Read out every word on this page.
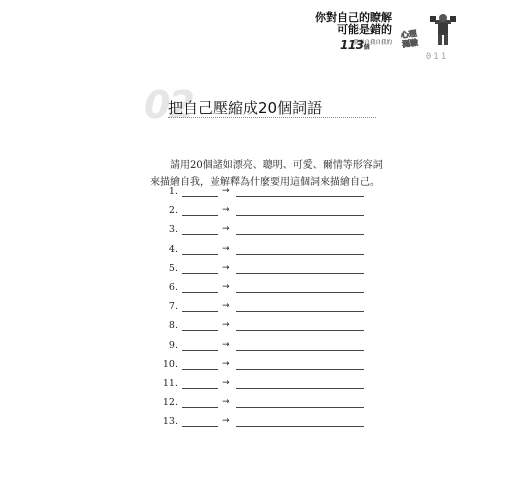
你對自己的瞭解
可能是錯的
覺察自我自我的
113個
心理
測驗
011
02
把自己壓縮成20個詞語

請用20個諸如漂亮、聰明、可愛、爾情等形容詞來描繪自我，並解釋為什麼要用這個詞來描繪自己。

1.	→
2.	→
3.	→
4.	→
5.	→
6.	→
7.	→
8.	→
9.	→
10.	→
11.	→
12.	→
13.	→
